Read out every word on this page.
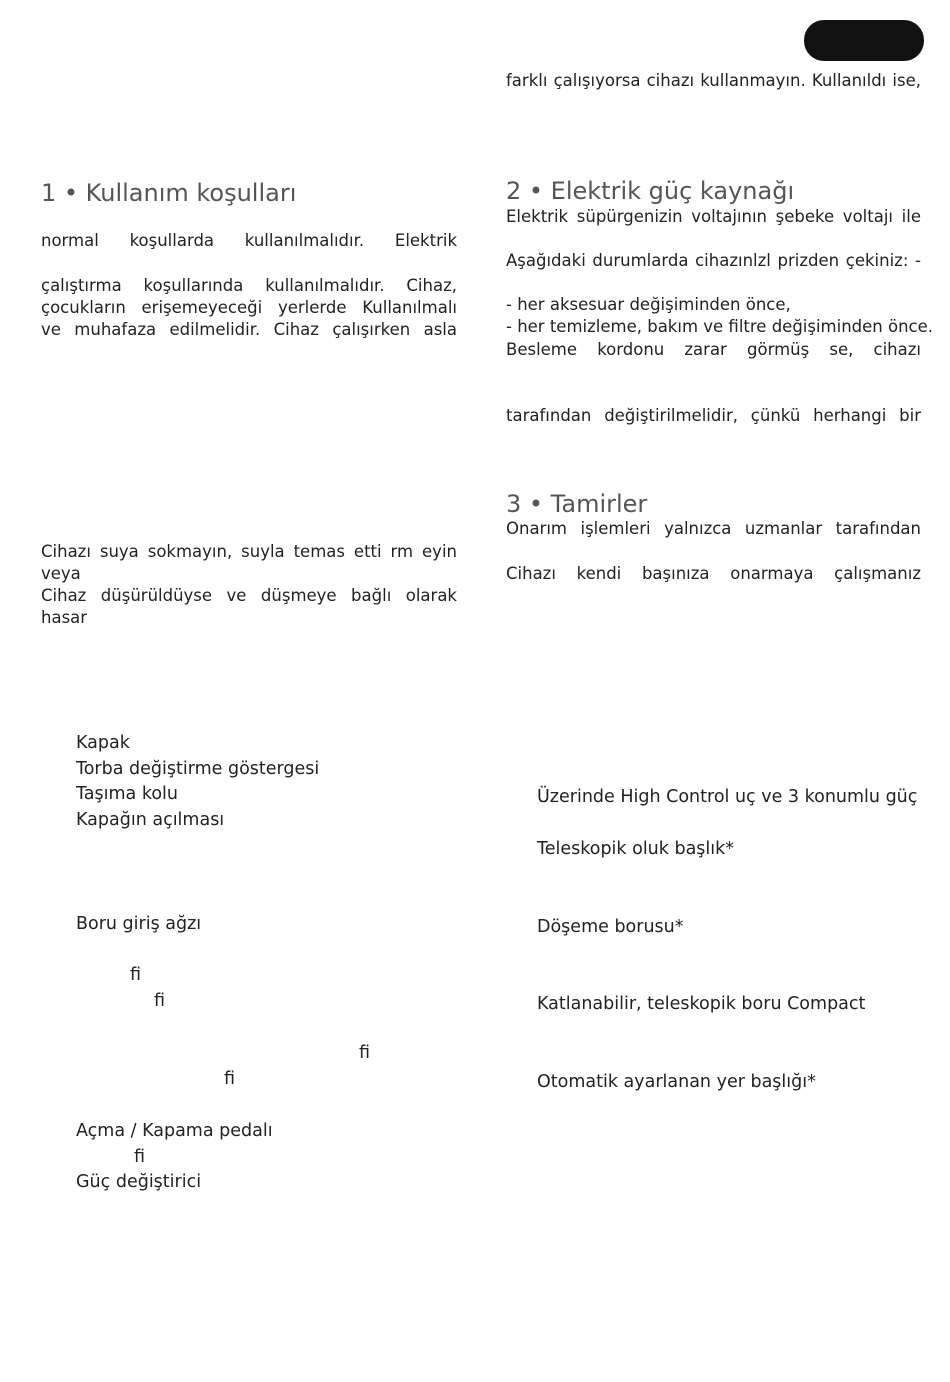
farklı çalışıyorsa cihazı kullanmayın. Kullanıldı ise,

1 • Kullanım koşulları

normal koşullarda kullanılmalıdır. Elektrik

çalıştırma koşullarında kullanılmalıdır. Cihaz,

çocukların erişemeyeceği yerlerde Kullanılmalı

ve muhafaza edilmelidir. Cihaz çalışırken asla

Cihazı suya sokmayın, suyla temas etti rm eyin veya

Cihaz düşürüldüyse ve düşmeye bağlı olarak hasar

2 • Elektrik güç kaynağı

Elektrik süpürgenizin voltajının şebeke voltajı ile

Aşağıdaki durumlarda cihazınlzl prizden çekiniz: -

- her aksesuar değişiminden önce,

- her temizleme, bakım ve filtre değişiminden önce.

Besleme kordonu zarar görmüş se, cihazı

tarafından değiştirilmelidir, çünkü herhangi bir

3 • Tamirler

Onarım işlemleri yalnızca uzmanlar tarafından

Cihazı kendi başınıza onarmaya çalışmanız

Kapak

Torba değiştirme göstergesi

Taşıma kolu

Kapağın açılması

Boru giriş ağzı

ﬁ

ﬁ

ﬁ

ﬁ

Açma / Kapama pedalı

ﬁ

Güç değiştirici

Üzerinde High Control uç ve 3 konumlu güç

Teleskopik oluk başlık*

Döşeme borusu*

Katlanabilir, teleskopik boru Compact

Otomatik ayarlanan yer başlığı*
